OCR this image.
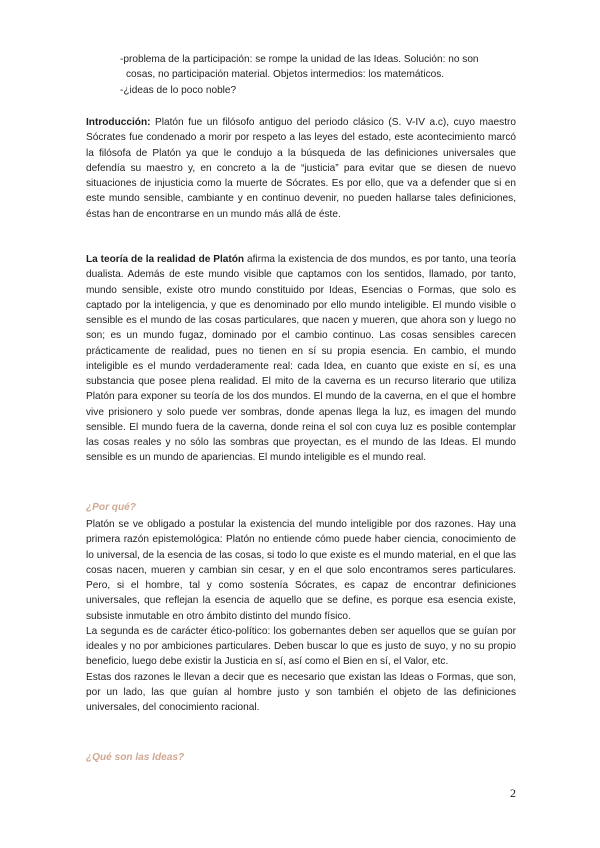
-problema de la participación: se rompe la unidad de las Ideas. Solución: no son
cosas, no participación material. Objetos intermedios: los matemáticos.
-¿ideas de lo poco noble?

Introducción: Platón fue un filósofo antiguo del periodo clásico (S. V-IV a.c), cuyo maestro Sócrates fue condenado a morir por respeto a las leyes del estado, este acontecimiento marcó la filósofa de Platón ya que le condujo a la búsqueda de las definiciones universales que defendía su maestro y, en concreto a la de “justicia” para evitar que se diesen de nuevo situaciones de injusticia como la muerte de Sócrates. Es por ello, que va a defender que si en este mundo sensible, cambiante y en continuo devenir, no pueden hallarse tales definiciones, éstas han de encontrarse en un mundo más allá de éste.

La teoría de la realidad de Platón afirma la existencia de dos mundos, es por tanto, una teoría dualista. Además de este mundo visible que captamos con los sentidos, llamado, por tanto, mundo sensible, existe otro mundo constituido por Ideas, Esencias o Formas, que solo es captado por la inteligencia, y que es denominado por ello mundo inteligible. El mundo visible o sensible es el mundo de las cosas particulares, que nacen y mueren, que ahora son y luego no son; es un mundo fugaz, dominado por el cambio continuo. Las cosas sensibles carecen prácticamente de realidad, pues no tienen en sí su propia esencia. En cambio, el mundo inteligible es el mundo verdaderamente real: cada Idea, en cuanto que existe en sí, es una substancia que posee plena realidad. El mito de la caverna es un recurso literario que utiliza Platón para exponer su teoría de los dos mundos. El mundo de la caverna, en el que el hombre vive prisionero y solo puede ver sombras, donde apenas llega la luz, es imagen del mundo sensible. El mundo fuera de la caverna, donde reina el sol con cuya luz es posible contemplar las cosas reales y no sólo las sombras que proyectan, es el mundo de las Ideas. El mundo sensible es un mundo de apariencias. El mundo inteligible es el mundo real.

¿Por qué?

Platón se ve obligado a postular la existencia del mundo inteligible por dos razones. Hay una primera razón epistemológica: Platón no entiende cómo puede haber ciencia, conocimiento de lo universal, de la esencia de las cosas, si todo lo que existe es el mundo material, en el que las cosas nacen, mueren y cambian sin cesar, y en el que solo encontramos seres particulares. Pero, si el hombre, tal y como sostenía Sócrates, es capaz de encontrar definiciones universales, que reflejan la esencia de aquello que se define, es porque esa esencia existe, subsiste inmutable en otro ámbito distinto del mundo físico.

La segunda es de carácter ético-político: los gobernantes deben ser aquellos que se guían por ideales y no por ambiciones particulares. Deben buscar lo que es justo de suyo, y no su propio beneficio, luego debe existir la Justicia en sí, así como el Bien en sí, el Valor, etc.

Estas dos razones le llevan a decir que es necesario que existan las Ideas o Formas, que son, por un lado, las que guían al hombre justo y son también el objeto de las definiciones universales, del conocimiento racional.

¿Qué son las Ideas?
2
